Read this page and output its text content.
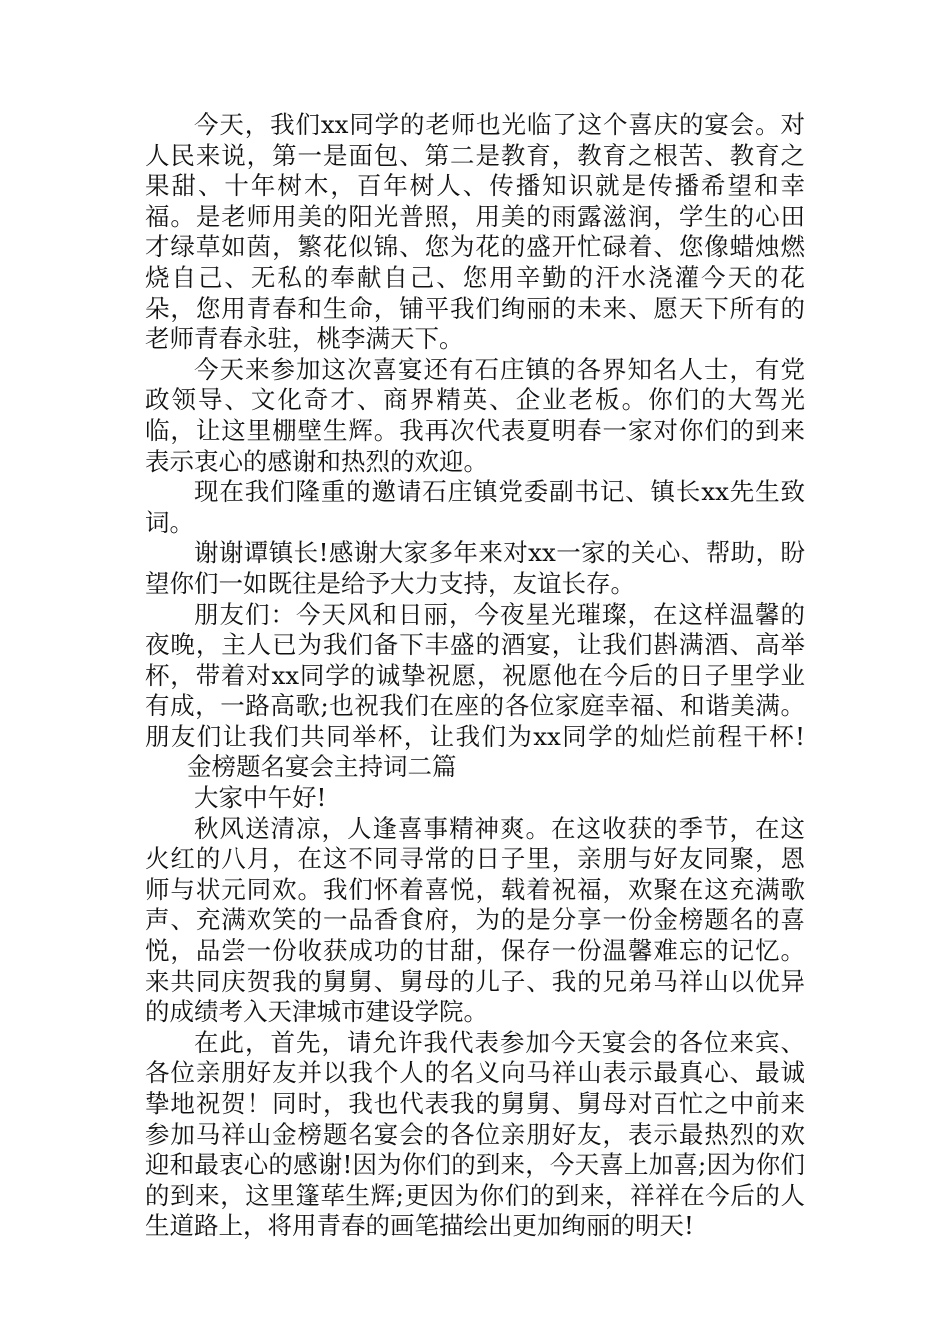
今天，我们xx同学的老师也光临了这个喜庆的宴会。对人民来说，第一是面包、第二是教育，教育之根苦、教育之果甜、十年树木，百年树人、传播知识就是传播希望和幸福。是老师用美的阳光普照，用美的雨露滋润，学生的心田才绿草如茵，繁花似锦、您为花的盛开忙碌着、您像蜡烛燃烧自己、无私的奉献自己、您用辛勤的汗水浇灌今天的花朵，您用青春和生命，铺平我们绚丽的未来、愿天下所有的老师青春永驻，桃李满天下。

今天来参加这次喜宴还有石庄镇的各界知名人士，有党政领导、文化奇才、商界精英、企业老板。你们的大驾光临，让这里棚壁生辉。我再次代表夏明春一家对你们的到来表示衷心的感谢和热烈的欢迎。

现在我们隆重的邀请石庄镇党委副书记、镇长xx先生致词。

谢谢谭镇长!感谢大家多年来对xx一家的关心、帮助，盼望你们一如既往是给予大力支持，友谊长存。

朋友们：今天风和日丽，今夜星光璀璨，在这样温馨的夜晚，主人已为我们备下丰盛的酒宴，让我们斟满酒、高举杯，带着对xx同学的诚挚祝愿，祝愿他在今后的日子里学业有成，一路高歌;也祝我们在座的各位家庭幸福、和谐美满。朋友们让我们共同举杯，让我们为xx同学的灿烂前程干杯!金榜题名宴会主持词二篇

大家中午好!

秋风送清凉，人逢喜事精神爽。在这收获的季节，在这火红的八月，在这不同寻常的日子里，亲朋与好友同聚，恩师与状元同欢。我们怀着喜悦，载着祝福，欢聚在这充满歌声、充满欢笑的一品香食府，为的是分享一份金榜题名的喜悦，品尝一份收获成功的甘甜，保存一份温馨难忘的记忆。来共同庆贺我的舅舅、舅母的儿子、我的兄弟马祥山以优异的成绩考入天津城市建设学院。

在此，首先，请允许我代表参加今天宴会的各位来宾、各位亲朋好友并以我个人的名义向马祥山表示最真心、最诚挚地祝贺！同时，我也代表我的舅舅、舅母对百忙之中前来参加马祥山金榜题名宴会的各位亲朋好友，表示最热烈的欢迎和最衷心的感谢!因为你们的到来，今天喜上加喜;因为你们的到来，这里篷荜生辉;更因为你们的到来，祥祥在今后的人生道路上，将用青春的画笔描绘出更加绚丽的明天!
